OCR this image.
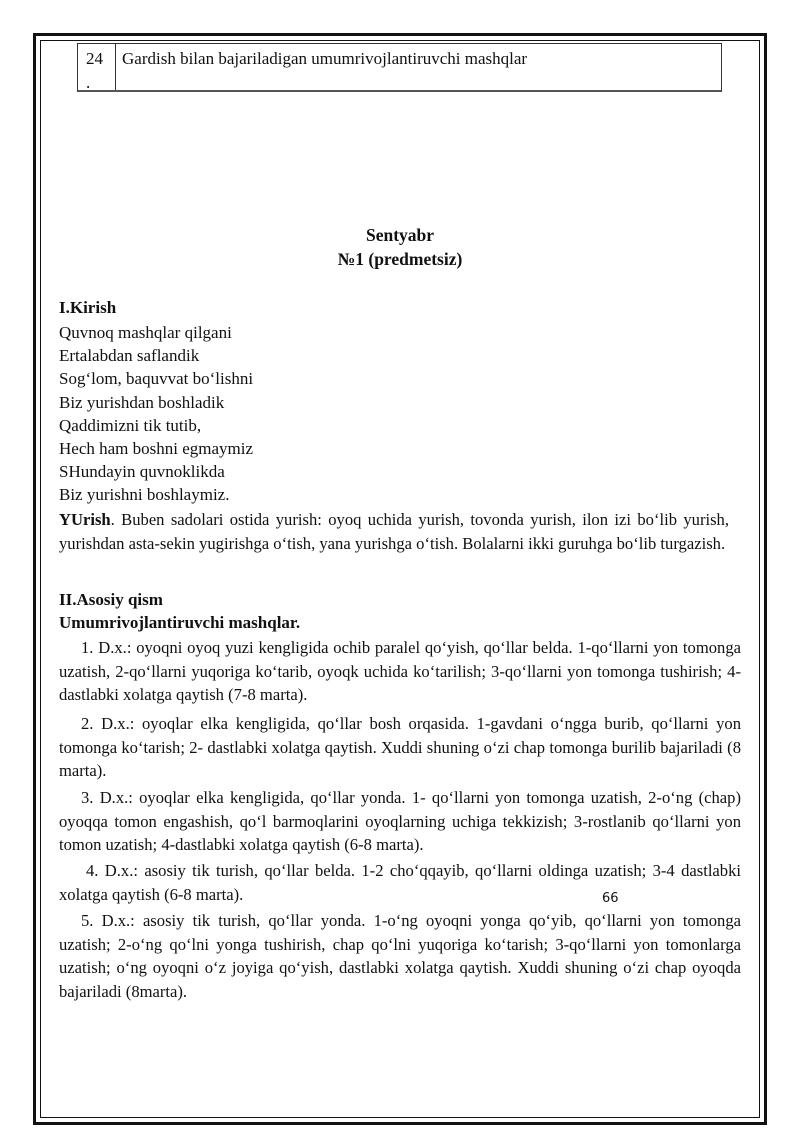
24
.
Gardish bilan bajariladigan umumrivojlantiruvchi mashqlar
Sentyabr
№1 (predmetsiz)
I.Kirish
Quvnoq mashqlar qilgani
Ertalabdan saflandik
Sog‘lom, baquvvat bo‘lishni
Biz yurishdan boshladik
Qaddimizni tik tutib,
Hech ham boshni egmaymiz
SHundayin quvnoklikda
Biz yurishni boshlaymiz.
YUrish. Buben sadolari ostida yurish: oyoq uchida yurish, tovonda yurish, ilon izi bo‘lib yurish, yurishdan asta-sekin yugirishga o‘tish, yana yurishga o‘tish. Bolalarni ikki guruhga bo‘lib turgazish.
II.Asosiy qism
Umumrivojlantiruvchi mashqlar.
1. D.x.: oyoqni oyoq yuzi kengligida ochib paralel qo‘yish, qo‘llar belda. 1-qo‘llarni yon tomonga uzatish, 2-qo‘llarni yuqoriga ko‘tarib, oyoqk uchida ko‘tarilish; 3-qo‘llarni yon tomonga tushirish; 4-dastlabki xolatga qaytish (7-8 marta).
2. D.x.: oyoqlar elka kengligida, qo‘llar bosh orqasida. 1-gavdani o‘ngga burib, qo‘llarni yon tomonga ko‘tarish; 2- dastlabki xolatga qaytish. Xuddi shuning o‘zi chap tomonga burilib bajariladi (8 marta).
3. D.x.: oyoqlar elka kengligida, qo‘llar yonda. 1- qo‘llarni yon tomonga uzatish, 2-o‘ng (chap) oyoqqa tomon engashish, qo‘l barmoqlarini oyoqlarning uchiga tekkizish; 3-rostlanib qo‘llarni yon tomon uzatish; 4-dastlabki xolatga qaytish (6-8 marta).
4. D.x.: asosiy tik turish, qo‘llar belda. 1-2 cho‘qqayib, qo‘llarni oldinga uzatish; 3-4 dastlabki xolatga qaytish (6-8 marta).	66
5. D.x.: asosiy tik turish, qo‘llar yonda. 1-o‘ng oyoqni yonga qo‘yib, qo‘llarni yon tomonga uzatish; 2-o‘ng qo‘lni yonga tushirish, chap qo‘lni yuqoriga ko‘tarish; 3-qo‘llarni yon tomonlarga uzatish; o‘ng oyoqni o‘z joyiga qo‘yish, dastlabki xolatga qaytish. Xuddi shuning o‘zi chap oyoqda bajariladi (8marta).
